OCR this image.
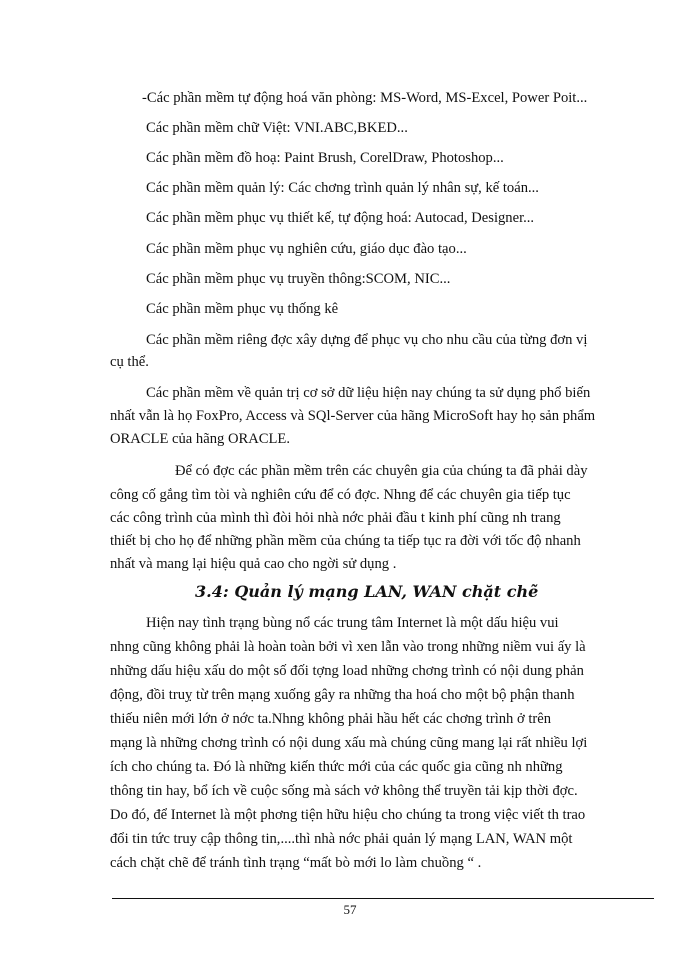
-Các phần mềm tự động hoá văn phòng: MS-Word, MS-Excel, Power Poit...
Các phần mềm chữ Việt: VNI.ABC,BKED...
Các phần mềm đồ hoạ: Paint Brush, CorelDraw, Photoshop...
Các phần mềm quản lý: Các chơng trình quản lý nhân sự, kế toán...
Các phần mềm phục vụ thiết kế, tự động hoá: Autocad, Designer...
Các phần mềm phục vụ nghiên cứu, giáo dục đào tạo...
Các phần mềm phục vụ truyền thông:SCOM, NIC...
Các phần mềm phục vụ thống kê
Các phần mềm riêng đợc xây dựng để phục vụ cho nhu cầu của từng đơn vị
cụ thể.
Các phần mềm về quản trị cơ sở dữ liệu hiện nay chúng ta sử dụng phổ biến
nhất vẫn là họ FoxPro, Access và SQl-Server của hãng MicroSoft hay họ sản phẩm
ORACLE của hãng ORACLE.
Để có đợc các phần mềm trên các chuyên gia của chúng ta đã phải dày
công cố gắng tìm tòi và nghiên cứu để có đợc. Nhng để các chuyên gia tiếp tục
các công trình của mình thì đòi hỏi nhà nớc phải đầu t kinh phí cũng nh trang
thiết bị cho họ để những phần mềm của chúng ta tiếp tục ra đời với tốc độ nhanh
nhất và mang lại hiệu quả cao cho ngời sử dụng .
3.4: Quản lý mạng LAN, WAN chặt chẽ
Hiện nay tình trạng bùng nổ các trung tâm Internet là một dấu hiệu vui
nhng cũng không phải là hoàn toàn bởi vì xen lẫn vào trong những niềm vui ấy là
những dấu hiệu xấu do một số đối tợng load những chơng trình có nội dung phản
động, đồi truỵ từ trên mạng xuống gây ra những tha hoá cho một bộ phận thanh
thiếu niên mới lớn ở nớc ta.Nhng không phải hầu hết các chơng trình ở trên
mạng là những chơng trình có nội dung xấu mà chúng cũng mang lại rất nhiều lợi
ích cho chúng ta. Đó là những kiến thức mới của các quốc gia cũng nh những
thông tin hay, bổ ích về cuộc sống mà sách vở không thể truyền tải kịp thời đợc.
Do đó, để Internet là một phơng tiện hữu hiệu cho chúng ta trong việc viết th trao
đổi tin tức truy cập thông tin,....thì nhà nớc phải quản lý mạng LAN, WAN một
cách chặt chẽ để tránh tình trạng “mất bò mới lo làm chuồng “ .
57
